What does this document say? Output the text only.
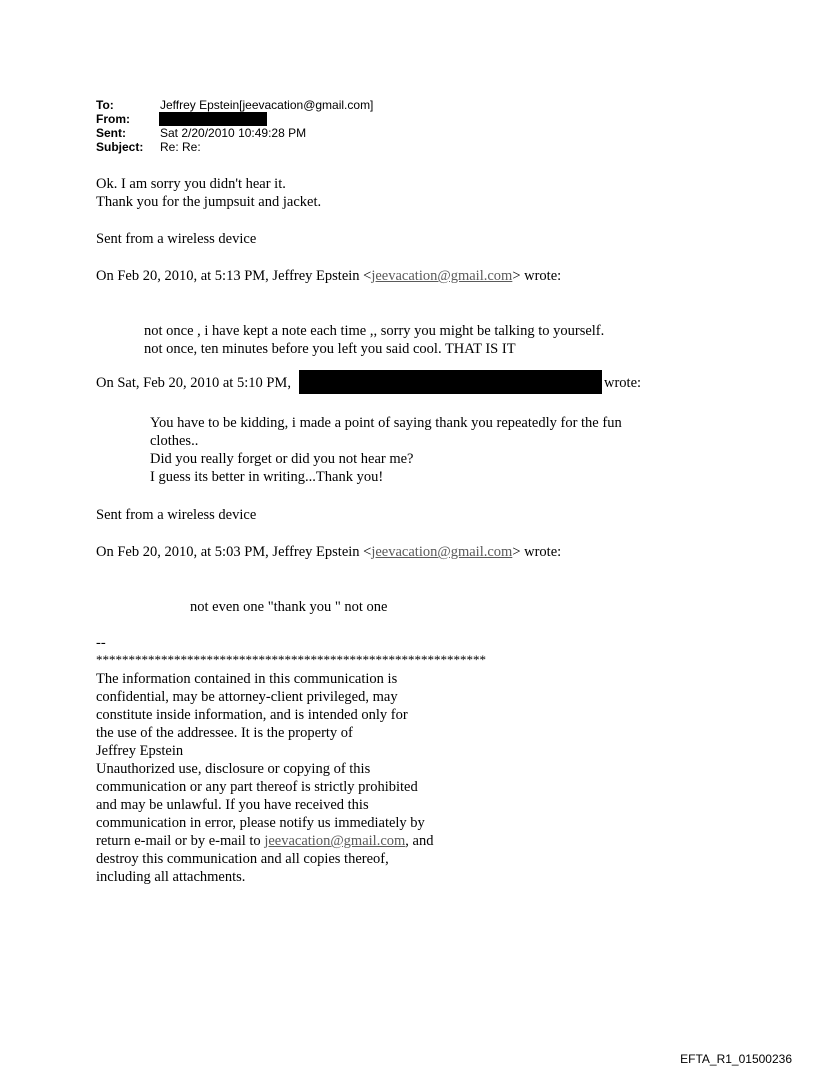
To:	Jeffrey Epstein[jeevacation@gmail.com]
From:
Sent:	Sat 2/20/2010 10:49:28 PM
Subject: Re: Re:
Ok. I am sorry you didn't hear it.
Thank you for the jumpsuit and jacket.
Sent from a wireless device
On Feb 20, 2010, at 5:13 PM, Jeffrey Epstein <jeevacation@gmail.com> wrote:
not once , i have kept a note each time ,, sorry you might be talking to yourself.
not once, ten minutes before you left you said cool. THAT IS IT
On Sat, Feb 20, 2010 at 5:10 PM,	wrote:
You have to be kidding, i made a point of saying thank you repeatedly for the fun
clothes..
Did you really forget or did you not hear me?
I guess its better in writing...Thank you!
Sent from a wireless device
On Feb 20, 2010, at 5:03 PM, Jeffrey Epstein <jeevacation@gmail.com> wrote:
not even one "thank you " not one
--
************************************************************
The information contained in this communication is
confidential, may be attorney-client privileged, may
constitute inside information, and is intended only for
the use of the addressee. It is the property of
Jeffrey Epstein
Unauthorized use, disclosure or copying of this
communication or any part thereof is strictly prohibited
and may be unlawful. If you have received this
communication in error, please notify us immediately by
return e-mail or by e-mail to jeevacation@gmail.com, and
destroy this communication and all copies thereof,
including all attachments.
EFTA_R1_01500236
